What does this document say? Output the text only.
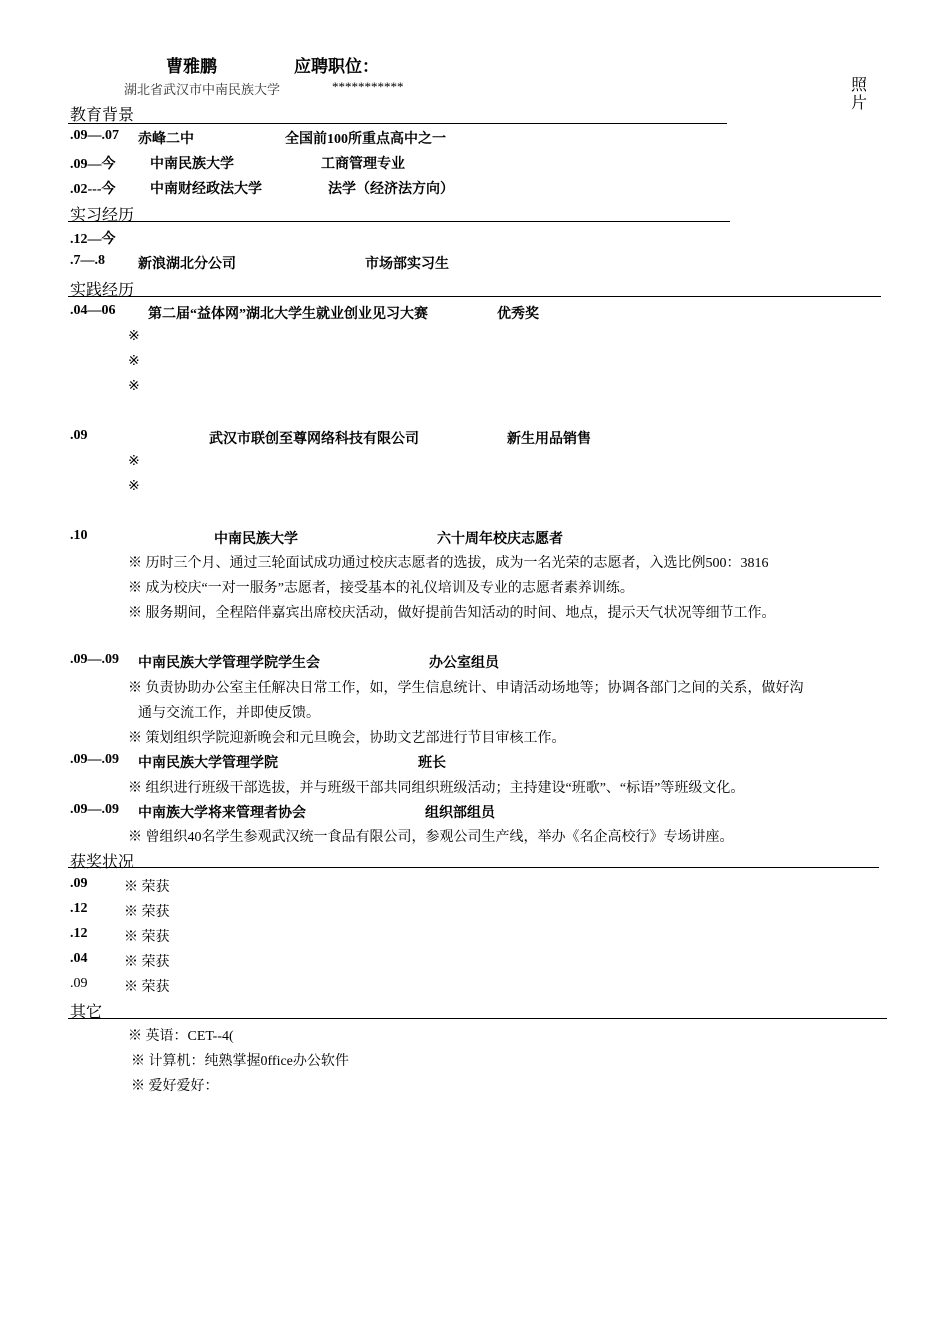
曹雅鹏	应聘职位：
湖北省武汉市中南民族大学	***********	照片
教育背景
.09—.07 赤峰二中	全国前100所重点高中之一
.09—今 中南民族大学	工商管理专业
.02---今 中南财经政法大学	法学（经济法方向）
实习经历
.12—今
.7—.8 新浪湖北分公司	市场部实习生
实践经历
.04—06 第二届“益体网”湖北大学生就业创业见习大赛	优秀奖
※
※
※
.09	武汉市联创至尊网络科技有限公司	新生用品销售
※
※
.10	中南民族大学	六十周年校庆志愿者
※ 历时三个月、通过三轮面试成功通过校庆志愿者的选拔，成为一名光荣的志愿者，入选比例500：3816
※ 成为校庆“一对一服务”志愿者，接受基本的礼仪培训及专业的志愿者素养训练。
※ 服务期间，全程陪伴嘉宾出席校庆活动，做好提前告知活动的时间、地点，提示天气状况等细节工作。
.09—.09 中南民族大学管理学院学生会	办公室组员
※ 负责协助办公室主任解决日常工作，如，学生信息统计、申请活动场地等；协调各部门之间的关系，做好沟
通与交流工作，并即使反馈。
※ 策划组织学院迎新晚会和元旦晚会，协助文艺部进行节目审核工作。
.09—.09 中南民族大学管理学院	班长
※ 组织进行班级干部选拔，并与班级干部共同组织班级活动；主持建设“班歌”、“标语”等班级文化。
.09—.09 中南族大学将来管理者协会	组织部组员
※ 曾组织40名学生参观武汉统一食品有限公司，参观公司生产线，举办《名企高校行》专场讲座。
获奖状况
.09	※ 荣获
.12	※ 荣获
.12	※ 荣获
.04	※ 荣获
.09	※ 荣获
其它
※ 英语：CET--4(
※ 计算机：纯熟掌握0ffice办公软件
※ 爱好爱好：
